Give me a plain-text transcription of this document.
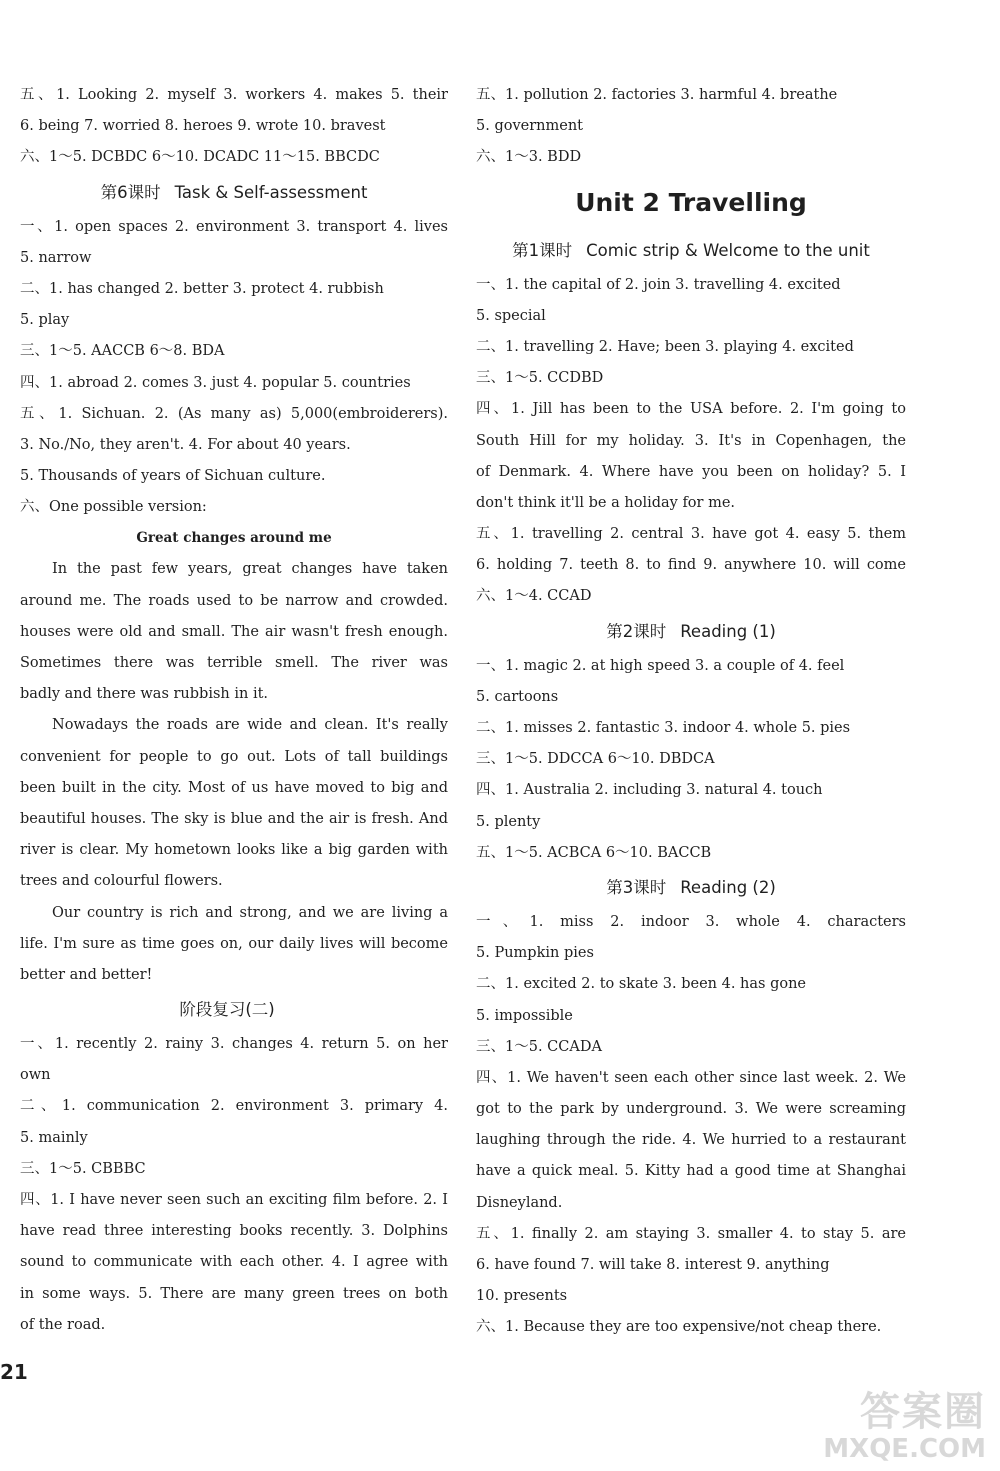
五、1. Looking 2. myself 3. workers 4. makes 5. their
6. being 7. worried 8. heroes 9. wrote 10. bravest
六、1～5. DCBDC 6～10. DCADC 11～15. BBCDC
第6课时 Task & Self-assessment
一、1. open spaces 2. environment 3. transport 4. lives
5. narrow
二、1. has changed 2. better 3. protect 4. rubbish
5. play
三、1～5. AACCB 6～8. BDA
四、1. abroad 2. comes 3. just 4. popular 5. countries
五、1. Sichuan. 2. (As many as) 5,000(embroiderers).
3. No./No, they aren't. 4. For about 40 years.
5. Thousands of years of Sichuan culture.
六、One possible version:
Great changes around me
In the past few years, great changes have taken
around me. The roads used to be narrow and crowded.
houses were old and small. The air wasn't fresh enough.
Sometimes there was terrible smell. The river was
badly and there was rubbish in it.
Nowadays the roads are wide and clean. It's really
convenient for people to go out. Lots of tall buildings
been built in the city. Most of us have moved to big and
beautiful houses. The sky is blue and the air is fresh. And
river is clear. My hometown looks like a big garden with
trees and colourful flowers.
Our country is rich and strong, and we are living a
life. I'm sure as time goes on, our daily lives will become
better and better!
阶段复习(二)
一、1. recently 2. rainy 3. changes 4. return 5. on her
own
二、1. communication 2. environment 3. primary 4.
5. mainly
三、1～5. CBBBC
四、1. I have never seen such an exciting film before. 2. I
have read three interesting books recently. 3. Dolphins
sound to communicate with each other. 4. I agree with
in some ways. 5. There are many green trees on both
of the road.
五、1. pollution 2. factories 3. harmful 4. breathe
5. government
六、1～3. BDD
Unit 2 Travelling
第1课时 Comic strip & Welcome to the unit
一、1. the capital of 2. join 3. travelling 4. excited
5. special
二、1. travelling 2. Have; been 3. playing 4. excited
三、1～5. CCDBD
四、1. Jill has been to the USA before. 2. I'm going to
South Hill for my holiday. 3. It's in Copenhagen, the
of Denmark. 4. Where have you been on holiday? 5. I
don't think it'll be a holiday for me.
五、1. travelling 2. central 3. have got 4. easy 5. them
6. holding 7. teeth 8. to find 9. anywhere 10. will come
六、1～4. CCAD
第2课时 Reading (1)
一、1. magic 2. at high speed 3. a couple of 4. feel
5. cartoons
二、1. misses 2. fantastic 3. indoor 4. whole 5. pies
三、1～5. DDCCA 6～10. DBDCA
四、1. Australia 2. including 3. natural 4. touch
5. plenty
五、1～5. ACBCA 6～10. BACCB
第3课时 Reading (2)
一、1. miss 2. indoor 3. whole 4. characters
5. Pumpkin pies
二、1. excited 2. to skate 3. been 4. has gone
5. impossible
三、1～5. CCADA
四、1. We haven't seen each other since last week. 2. We
got to the park by underground. 3. We were screaming
laughing through the ride. 4. We hurried to a restaurant
have a quick meal. 5. Kitty had a good time at Shanghai
Disneyland.
五、1. finally 2. am staying 3. smaller 4. to stay 5. are
6. have found 7. will take 8. interest 9. anything
10. presents
六、1. Because they are too expensive/not cheap there.
21
答案圈
MXQE.COM
